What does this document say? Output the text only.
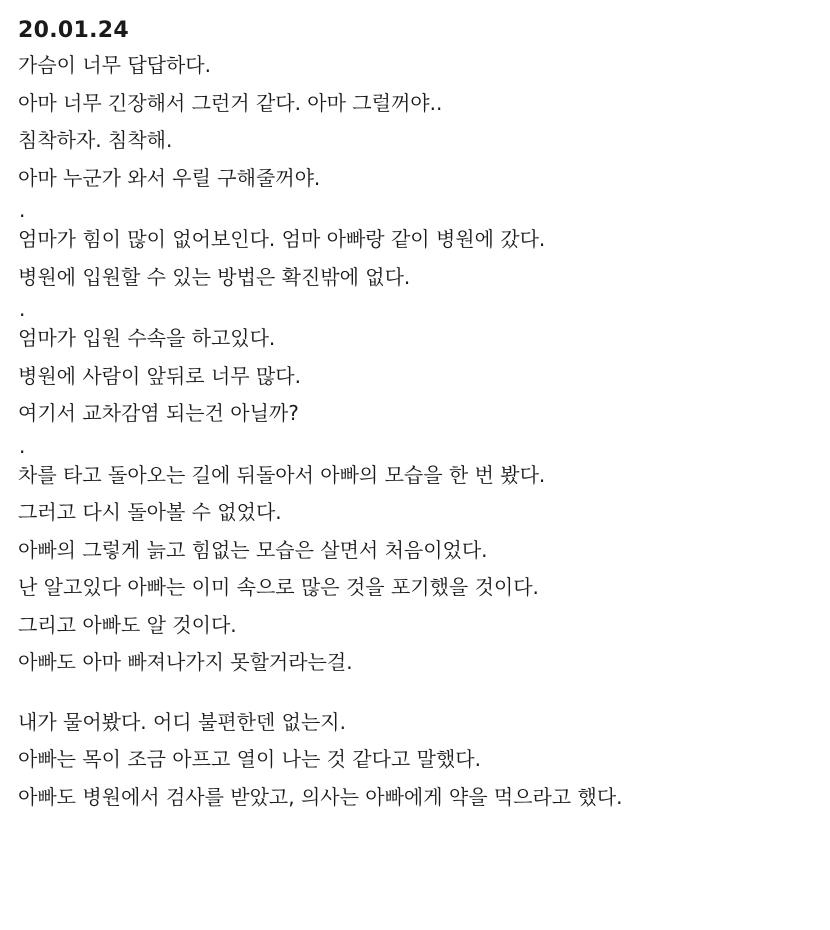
20.01.24
가슴이 너무 답답하다.
아마 너무 긴장해서 그런거 같다. 아마 그럴꺼야..
침착하자. 침착해.
아마 누군가 와서 우릴 구해줄꺼야.
.
엄마가 힘이 많이 없어보인다. 엄마 아빠랑 같이 병원에 갔다.
병원에 입원할 수 있는 방법은 확진밖에 없다.
.
엄마가 입원 수속을 하고있다.
병원에 사람이 앞뒤로 너무 많다.
여기서 교차감염 되는건 아닐까?
.
차를 타고 돌아오는 길에 뒤돌아서 아빠의 모습을 한 번 봤다.
그러고 다시 돌아볼 수 없었다.
아빠의 그렇게 늙고 힘없는 모습은 살면서 처음이었다.
난 알고있다 아빠는 이미 속으로 많은 것을 포기했을 것이다.
그리고 아빠도 알 것이다.
아빠도 아마 빠져나가지 못할거라는걸.
내가 물어봤다. 어디 불편한덴 없는지.
아빠는 목이 조금 아프고 열이 나는 것 같다고 말했다.
아빠도 병원에서 검사를 받았고, 의사는 아빠에게 약을 먹으라고 했다.
